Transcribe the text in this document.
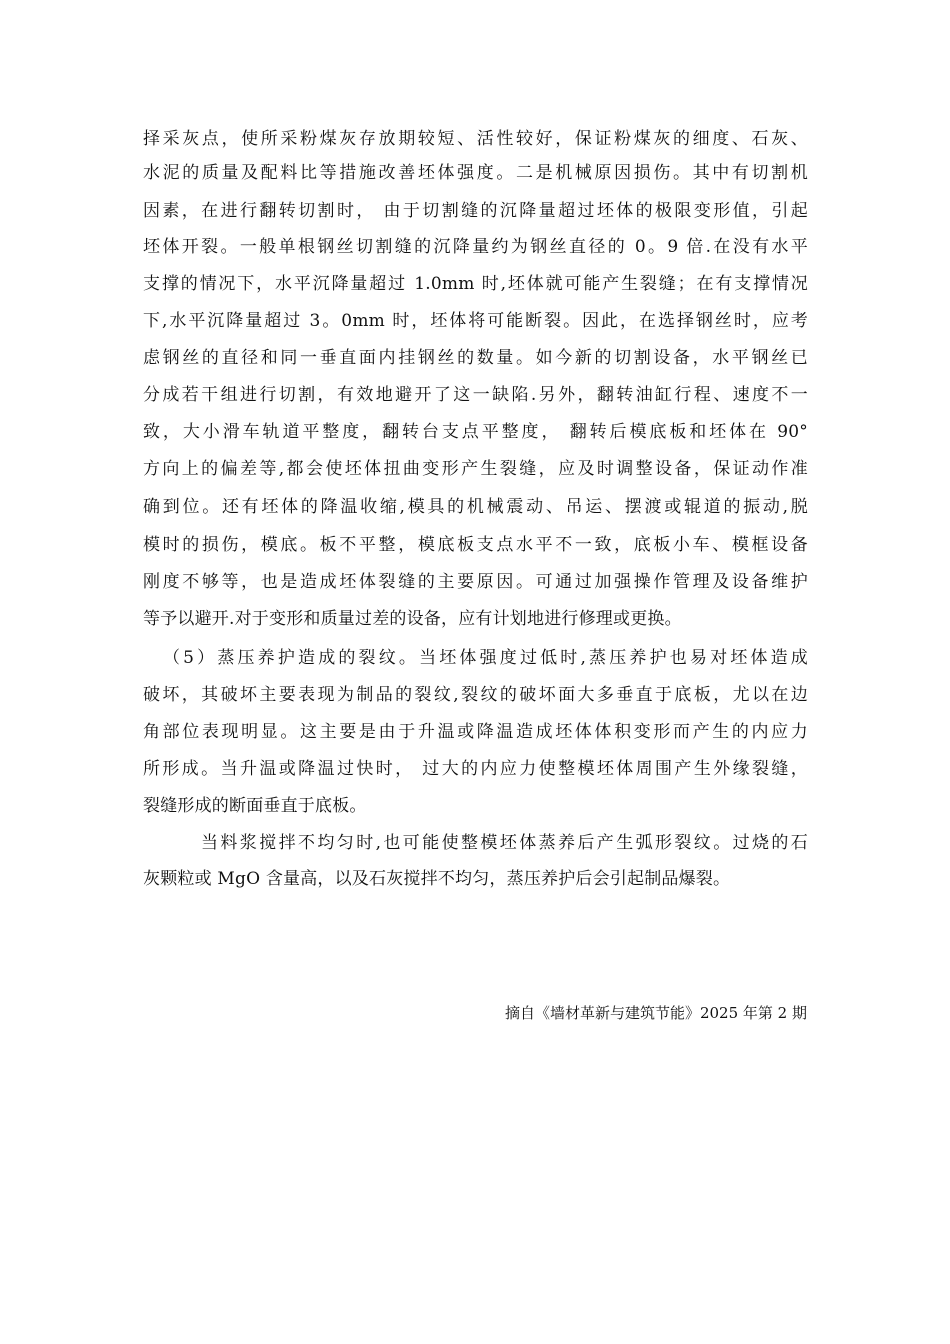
择采灰点，使所采粉煤灰存放期较短、活性较好，保证粉煤灰的细度、石灰、
水泥的质量及配料比等措施改善坯体强度。二是机械原因损伤。其中有切割机
因素，在进行翻转切割时， 由于切割缝的沉降量超过坯体的极限变形值，引起
坯体开裂。一般单根钢丝切割缝的沉降量约为钢丝直径的 0。9 倍.在没有水平
支撑的情况下，水平沉降量超过 1.0mm 时,坯体就可能产生裂缝；在有支撑情况
下,水平沉降量超过 3。0mm 时，坯体将可能断裂。因此，在选择钢丝时，应考
虑钢丝的直径和同一垂直面内挂钢丝的数量。如今新的切割设备，水平钢丝已
分成若干组进行切割，有效地避开了这一缺陷.另外，翻转油缸行程、速度不一
致，大小滑车轨道平整度，翻转台支点平整度， 翻转后模底板和坯体在 90°
方向上的偏差等,都会使坯体扭曲变形产生裂缝，应及时调整设备，保证动作准
确到位。还有坯体的降温收缩,模具的机械震动、吊运、摆渡或辊道的振动,脱
模时的损伤，模底。板不平整，模底板支点水平不一致，底板小车、模框设备
刚度不够等，也是造成坯体裂缝的主要原因。可通过加强操作管理及设备维护
等予以避开.对于变形和质量过差的设备，应有计划地进行修理或更换。
（5）蒸压养护造成的裂纹。当坯体强度过低时,蒸压养护也易对坯体造成
破坏，其破坏主要表现为制品的裂纹,裂纹的破坏面大多垂直于底板，尤以在边
角部位表现明显。这主要是由于升温或降温造成坯体体积变形而产生的内应力
所形成。当升温或降温过快时， 过大的内应力使整模坯体周围产生外缘裂缝，
裂缝形成的断面垂直于底板。
当料浆搅拌不均匀时,也可能使整模坯体蒸养后产生弧形裂纹。过烧的石
灰颗粒或 MgO 含量高，以及石灰搅拌不均匀，蒸压养护后会引起制品爆裂。
摘自《墙材革新与建筑节能》2025 年第 2 期
